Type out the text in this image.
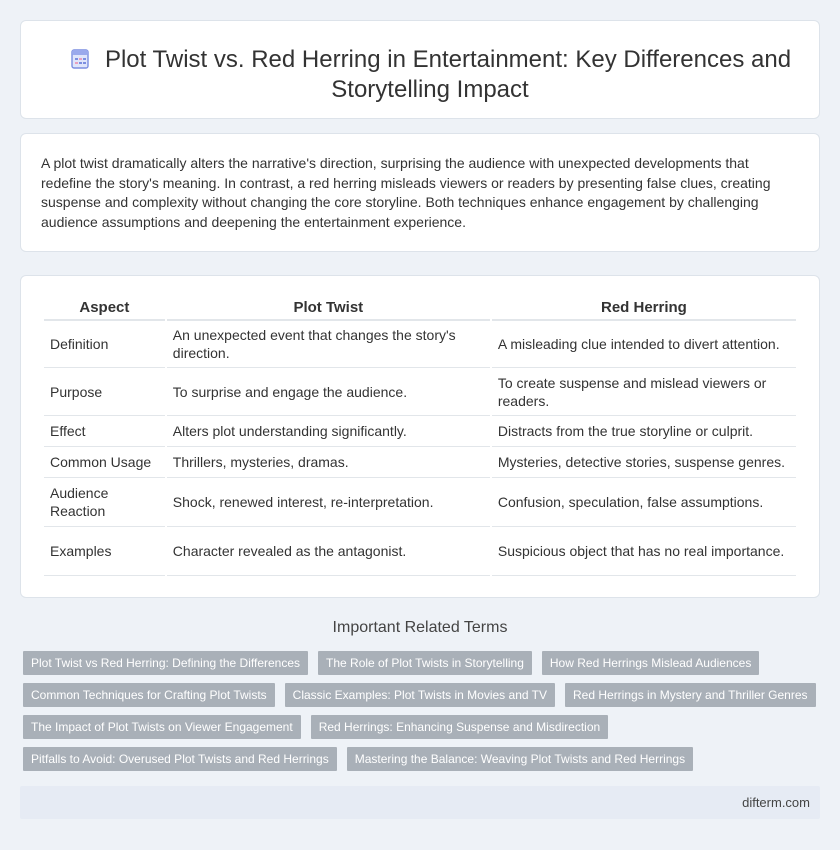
Plot Twist vs. Red Herring in Entertainment: Key Differences and Storytelling Impact

A plot twist dramatically alters the narrative's direction, surprising the audience with unexpected developments that redefine the story's meaning. In contrast, a red herring misleads viewers or readers by presenting false clues, creating suspense and complexity without changing the core storyline. Both techniques enhance engagement by challenging audience assumptions and deepening the entertainment experience.

Aspect	Plot Twist	Red Herring
Definition	An unexpected event that changes the story's direction.	A misleading clue intended to divert attention.
Purpose	To surprise and engage the audience.	To create suspense and mislead viewers or readers.
Effect	Alters plot understanding significantly.	Distracts from the true storyline or culprit.
Common Usage	Thrillers, mysteries, dramas.	Mysteries, detective stories, suspense genres.
Audience Reaction	Shock, renewed interest, re-interpretation.	Confusion, speculation, false assumptions.
Examples	Character revealed as the antagonist.	Suspicious object that has no real importance.
Important Related Terms
Plot Twist vs Red Herring: Defining the Differences	The Role of Plot Twists in Storytelling	How Red Herrings Mislead Audiences
Common Techniques for Crafting Plot Twists	Classic Examples: Plot Twists in Movies and TV	Red Herrings in Mystery and Thriller Genres
The Impact of Plot Twists on Viewer Engagement	Red Herrings: Enhancing Suspense and Misdirection
Pitfalls to Avoid: Overused Plot Twists and Red Herrings	Mastering the Balance: Weaving Plot Twists and Red Herrings
difterm.com
